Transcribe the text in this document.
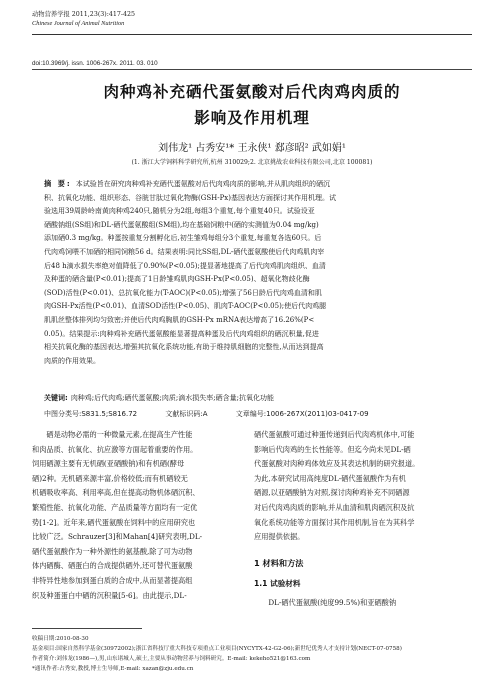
动物营养学报 2011,23(3):417-425
Chinese Journal of Animal Nutrition
doi:10.3969/j. issn. 1006-267x. 2011. 03. 010
肉种鸡补充硒代蛋氨酸对后代肉鸡肉质的
影响及作用机理
刘伟龙¹ 占秀安¹* 王永侠¹ 郄彦昭² 武如娟¹
(1. 浙江大学饲料科学研究所,杭州 310029;2. 北京挑战农业科技有限公司,北京 100081)
摘 要: 本试验旨在研究肉种鸡补充硒代蛋氨酸对后代肉鸡肉质的影响,并从肌肉组织的硒沉
积、抗氧化功能、组织形态、谷胱甘肽过氧化物酶(GSH-Px)基因表达方面探讨其作用机理。试
验选用39周龄岭南黄肉种鸡240只,随机分为2组,每组3个重复,每个重复40只。试验设亚
硒酸钠组(SS组)和DL-硒代蛋氨酸组(SM组),均在基础饲粮中(硒的实测值为0.04 mg/kg)
添加硒0.3 mg/kg。种蛋按重复分割孵化后,初生雏鸡每组分3个重复,每重复各选60只。后
代肉鸡饲喂不加硒的相同饲粮56 d。结果表明:同比SS组,DL-硒代蛋氨酸使后代肉鸡肌肉宰
后48 h滴水损失率绝对值降低了0.90%(P<0.05);提显著地提高了后代肉鸡肌肉组织、血清
及种蛋的硒含量(P<0.01);提高了1日龄雏鸡肌肉GSH-Px(P<0.05)、超氧化物歧化酶
(SOD)活性(P<0.01)、总抗氧化能力(T-AOC)(P<0.05);增强了56日龄后代肉鸡血清和肌
肉GSH-Px活性(P<0.01)、血清SOD活性(P<0.05)、肌肉T-AOC(P<0.05);使后代肉鸡腿
肌肌丝整体排列均匀致密;并使后代肉鸡胸肌的GSH-Px mRNA表达增高了16.26%(P<
0.05)。结果提示:肉种鸡补充硒代蛋氨酸能显著提高种蛋及后代肉鸡组织的硒沉积量,促进
相关抗氧化酶的基因表达,增强其抗氧化系统功能,有助于维持肌细胞的完整性,从而达到提高
肉质的作用效果。
关键词: 肉种鸡;后代肉鸡;硒代蛋氨酸;肉质;滴水损失率;硒含量;抗氧化功能
中图分类号:S831.5;S816.72	文献标识码:A	文章编号:1006-267X(2011)03-0417-09
硒是动物必需的一种微量元素,在提高生产性能
和肉品质、抗氧化、抗应激等方面起着重要的作用。
饲用硒源主要有无机硒(亚硒酸钠)和有机硒(酵母
硒)2种。无机硒来源丰富,价格较低;而有机硒较无
机硒吸收率高、利用率高,但在提高动物机体硒沉积、
繁殖性能、抗氧化功能、产品质量等方面均有一定优
势[1-2]。近年来,硒代蛋氨酸在饲料中的应用研究也
比较广泛。Schrauzer[3]和Mahan[4]研究表明,DL-
硒代蛋氨酸作为一种外源性的氨基酸,除了可为动物
体内硒酶、硒蛋白的合成提供硒外,还可替代蛋氨酸
非特异性地参加到蛋白质的合成中,从而显著提高组
织及种蛋蛋白中硒的沉积量[5-6]。由此提示,DL-
硒代蛋氨酸可通过种蛋传递到后代肉鸡机体中,可能
影响后代肉鸡的生长性能等。但迄今尚未见DL-硒
代蛋氨酸对肉种鸡体效应及其表达机制的研究报道。
为此,本研究试用高纯度DL-硒代蛋氨酸作为有机
硒源,以亚硒酸钠为对照,探讨肉种鸡补充不同硒源
对后代肉鸡肉质的影响,并从血清和肌肉硒沉积及抗
氧化系统功能等方面探讨其作用机制,旨在为其科学
应用提供依据。
1 材料和方法
1.1 试验材料
DL-硒代蛋氨酸(纯度99.5%)和亚硒酸钠
收稿日期:2010-08-30
基金项目:国家自然科学基金(30972002);浙江省科技厅重大科技专项重点工业项目(NYCYTX-42-G2-06);新世纪优秀人才支持计划(NECT-07-0758)
作者简介:刘伟龙(1986—),男,山东诸城人,硕士,主要从事动物营养与饲料研究。E-mail: kekeho521@163.com
*通讯作者:占秀安,教授,博士生导师,E-mail: xazan@zju.edu.cn
